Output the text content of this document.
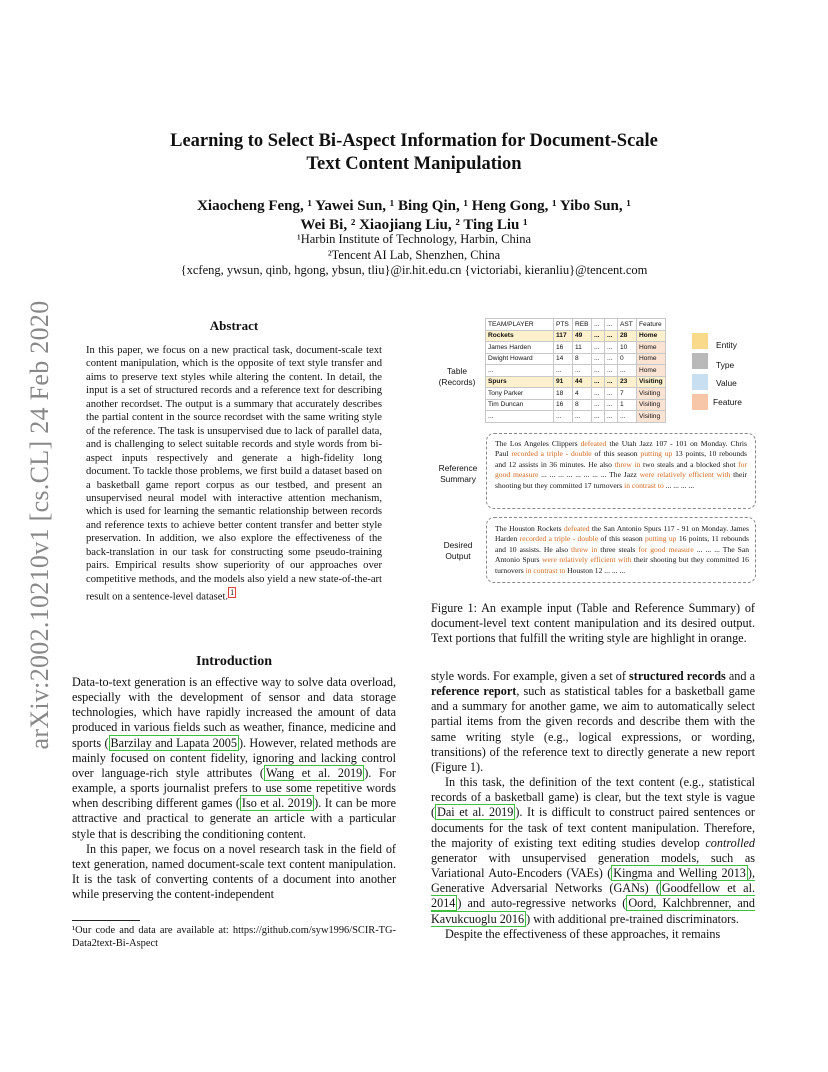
arXiv:2002.10210v1 [cs.CL] 24 Feb 2020
Learning to Select Bi-Aspect Information for Document-Scale
Text Content Manipulation
Xiaocheng Feng, ¹ Yawei Sun, ¹ Bing Qin, ¹ Heng Gong, ¹ Yibo Sun, ¹
Wei Bi, ² Xiaojiang Liu, ² Ting Liu ¹
¹Harbin Institute of Technology, Harbin, China
²Tencent AI Lab, Shenzhen, China
{xcfeng, ywsun, qinb, hgong, ybsun, tliu}@ir.hit.edu.cn {victoriabi, kieranliu}@tencent.com
Abstract
In this paper, we focus on a new practical task, document-scale text content manipulation, which is the opposite of text style transfer and aims to preserve text styles while altering the content. In detail, the input is a set of structured records and a reference text for describing another recordset. The output is a summary that accurately describes the partial content in the source recordset with the same writing style of the reference. The task is unsupervised due to lack of parallel data, and is challenging to select suitable records and style words from bi-aspect inputs respectively and generate a high-fidelity long document. To tackle those problems, we first build a dataset based on a basketball game report corpus as our testbed, and present an unsupervised neural model with interactive attention mechanism, which is used for learning the semantic relationship between records and reference texts to achieve better content transfer and better style preservation. In addition, we also explore the effectiveness of the back-translation in our task for constructing some pseudo-training pairs. Empirical results show superiority of our approaches over competitive methods, and the models also yield a new state-of-the-art result on a sentence-level dataset. $^1$
Introduction

Data-to-text generation is an effective way to solve data overload, especially with the development of sensor and data storage technologies, which have rapidly increased the amount of data produced in various fields such as weather, finance, medicine and sports ( Barzilay and Lapata 2005 ). However, related methods are mainly focused on content fidelity, ignoring and lacking control over language-rich style attributes ( Wang et al. 2019 ). For example, a sports journalist prefers to use some repetitive words when describing different games ( Iso et al. 2019 ). It can be more attractive and practical to generate an article with a particular style that is describing the conditioning content.

In this paper, we focus on a novel research task in the field of text generation, named document-scale text content manipulation. It is the task of converting contents of a document into another while preserving the content-independent

¹Our code and data are available at: https://github.com/syw1996/SCIR-TG-Data2text-Bi-Aspect
Table
(Records)
TEAM/PLAYER	PTS	REB	...	...	AST	Feature
Rockets	117	49	...	...	28	Home
James Harden	16	11	...	...	10	Home
Dwight Howard	14	8	...	...	0	Home
...	...	...	...	...	...	Home
Spurs	91	44	...	...	23	Visiting
Tony Parker	18	4	...	...	7	Visiting
Tim Duncan	16	8	...	...	1	Visiting
...	...	...	...	...	...	Visiting
Entity
Type
Value
Feature
Reference
Summary
The Los Angeles Clippers defeated the Utah Jazz 107 - 101 on Monday. Chris Paul recorded a triple - double of this season putting up 13 points, 10 rebounds and 12 assists in 36 minutes. He also threw in two steals and a blocked shot for good measure ... ... ... ... ... ... ... ... The Jazz were relatively efficient with their shooting but they committed 17 turnovers in contrast to ... ... ... ...
Desired
Output
The Houston Rockets defeated the San Antonio Spurs 117 - 91 on Monday. James Harden recorded a triple - double of this season putting up 16 points, 11 rebounds and 10 assists. He also threw in three steals for good measure ... ... ... The San Antonio Spurs were relatively efficient with their shooting but they committed 16 turnovers in contrast to Houston 12 ... ... ...
Figure 1: An example input (Table and Reference Summary) of document-level text content manipulation and its desired output. Text portions that fulfill the writing style are highlight in orange.

style words. For example, given a set of structured records and a reference report, such as statistical tables for a basketball game and a summary for another game, we aim to automatically select partial items from the given records and describe them with the same writing style (e.g., logical expressions, or wording, transitions) of the reference text to directly generate a new report (Figure 1).

In this task, the definition of the text content (e.g., statistical records of a basketball game) is clear, but the text style is vague ( Dai et al. 2019 ). It is difficult to construct paired sentences or documents for the task of text content manipulation. Therefore, the majority of existing text editing studies develop controlled generator with unsupervised generation models, such as Variational Auto-Encoders (VAEs) ( Kingma and Welling 2013 ), Generative Adversarial Networks (GANs) ( Goodfellow et al. 2014 ) and auto-regressive networks ( Oord, Kalchbrenner, and Kavukcuoglu 2016 ) with additional pre-trained discriminators.

Despite the effectiveness of these approaches, it remains
